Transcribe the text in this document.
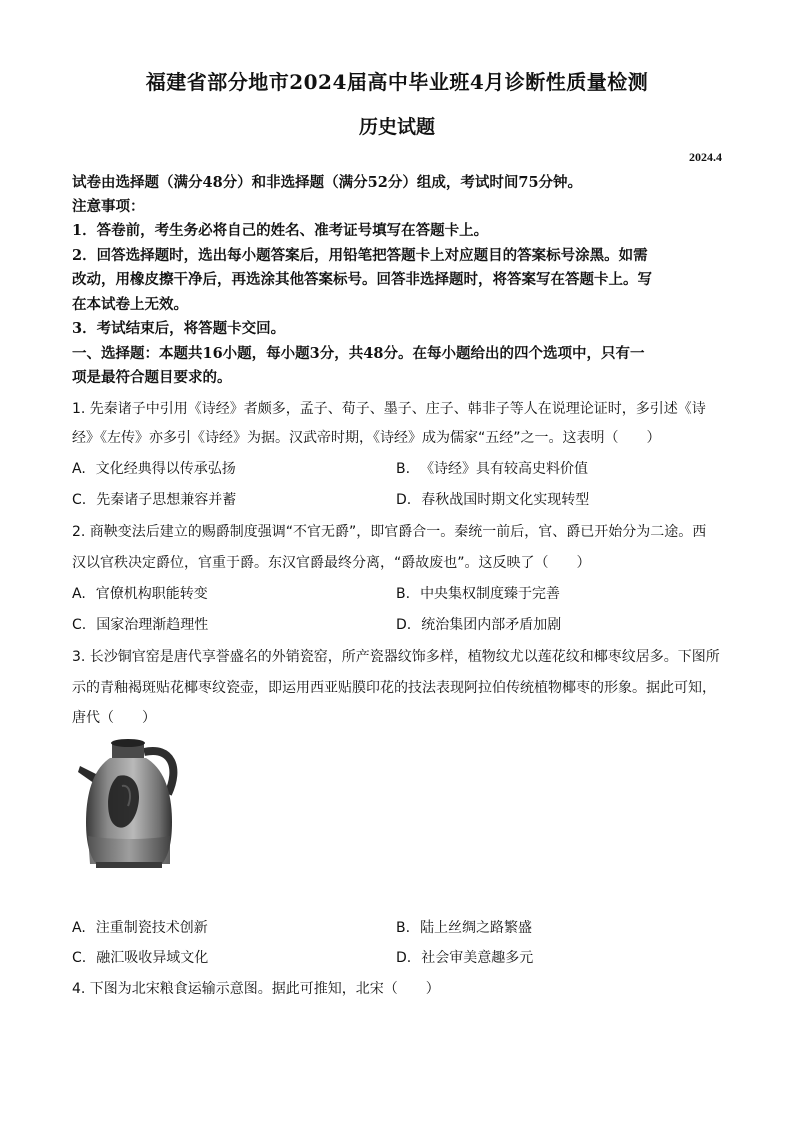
福建省部分地市2024届高中毕业班4月诊断性质量检测
历史试题
2024.4
试卷由选择题（满分48分）和非选择题（满分52分）组成，考试时间75分钟。
注意事项：
1．答卷前，考生务必将自己的姓名、准考证号填写在答题卡上。
2．回答选择题时，选出每小题答案后，用铅笔把答题卡上对应题目的答案标号涂黑。如需
改动，用橡皮擦干净后，再选涂其他答案标号。回答非选择题时，将答案写在答题卡上。写
在本试卷上无效。
3．考试结束后，将答题卡交回。
一、选择题：本题共16小题，每小题3分，共48分。在每小题给出的四个选项中，只有一
项是最符合题目要求的。
1. 先秦诸子中引用《诗经》者颇多，孟子、荀子、墨子、庄子、韩非子等人在说理论证时，多引述《诗
经》《左传》亦多引《诗经》为据。汉武帝时期，《诗经》成为儒家“五经”之一。这表明（　　）
A. 文化经典得以传承弘扬	B. 《诗经》具有较高史料价值
C. 先秦诸子思想兼容并蓄	D. 春秋战国时期文化实现转型
2. 商鞅变法后建立的赐爵制度强调“不官无爵”，即官爵合一。秦统一前后，官、爵已开始分为二途。西
汉以官秩决定爵位，官重于爵。东汉官爵最终分离，“爵故废也”。这反映了（　　）
A. 官僚机构职能转变	B. 中央集权制度臻于完善
C. 国家治理渐趋理性	D. 统治集团内部矛盾加剧
3. 长沙铜官窑是唐代享誉盛名的外销瓷窑，所产瓷器纹饰多样，植物纹尤以莲花纹和椰枣纹居多。下图所
示的青釉褐斑贴花椰枣纹瓷壶，即运用西亚贴膜印花的技法表现阿拉伯传统植物椰枣的形象。据此可知，
唐代（　　）
A. 注重制瓷技术创新	B. 陆上丝绸之路繁盛
C. 融汇吸收异域文化	D. 社会审美意趣多元
4. 下图为北宋粮食运输示意图。据此可推知，北宋（　　）
